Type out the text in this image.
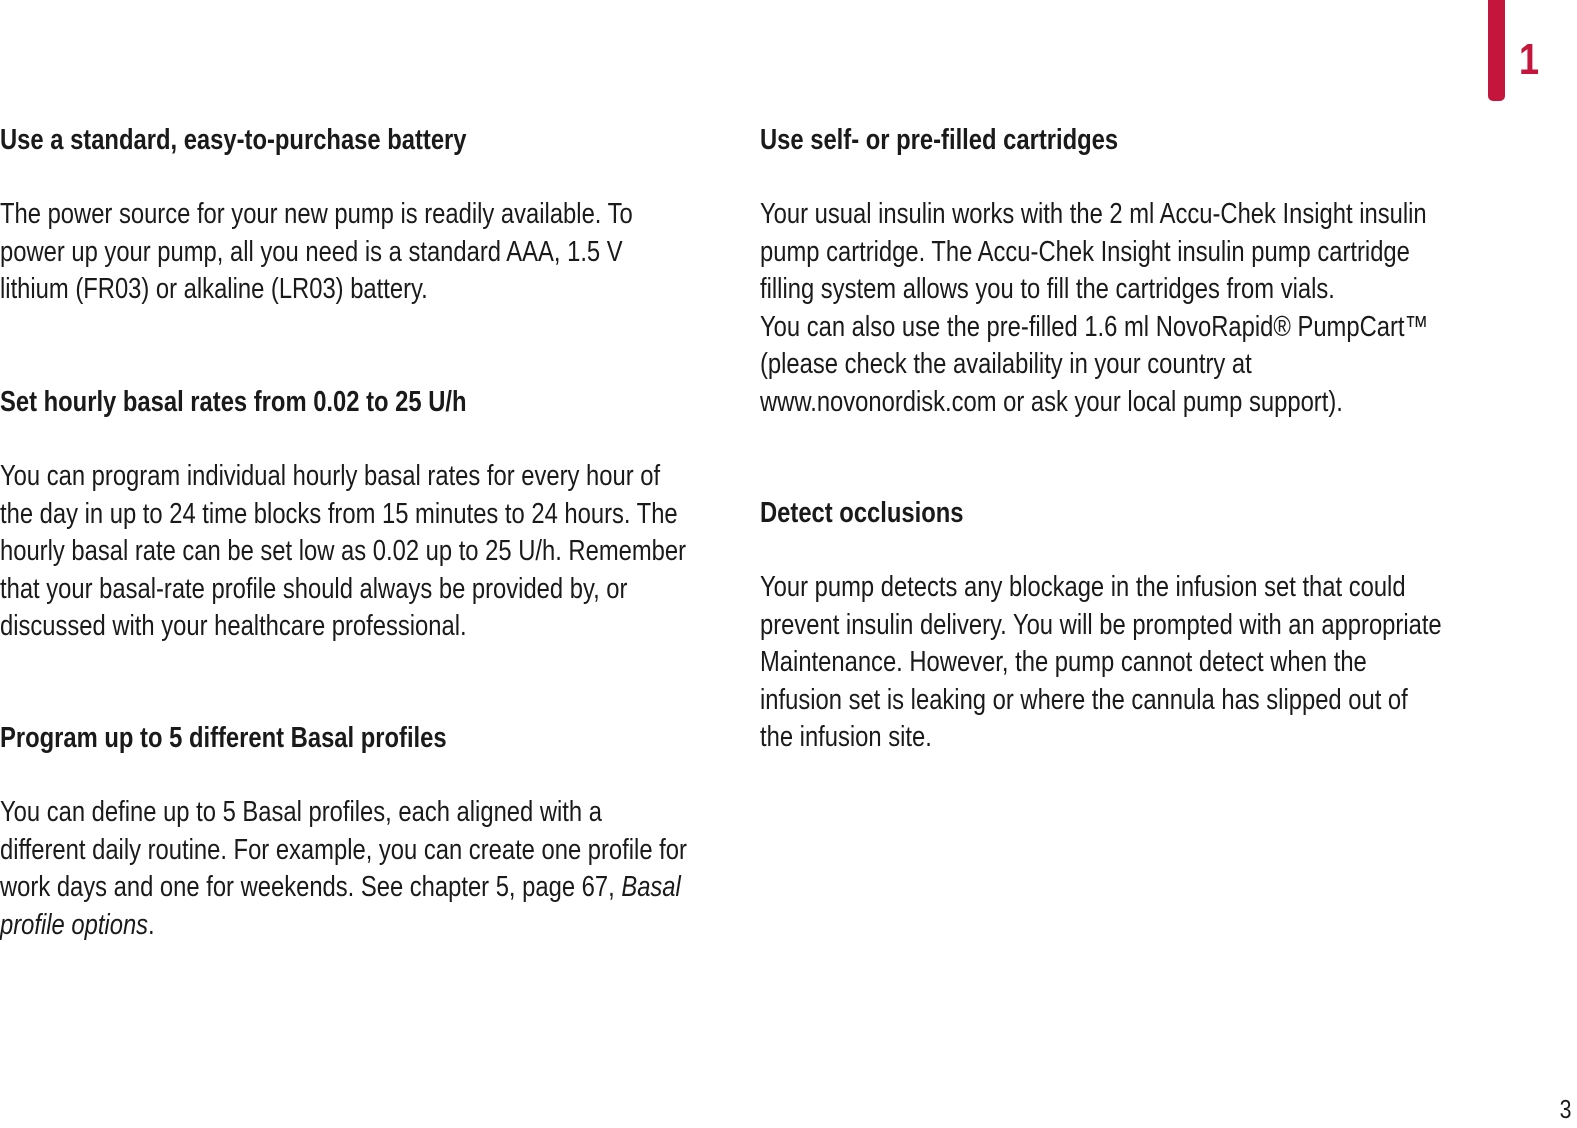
1
Use a standard, easy-to-purchase battery

The power source for your new pump is readily available. To
power up your pump, all you need is a standard AAA, 1.5 V
lithium (FR03) or alkaline (LR03) battery.

Set hourly basal rates from 0.02 to 25 U/h

You can program individual hourly basal rates for every hour of
the day in up to 24 time blocks from 15 minutes to 24 hours. The
hourly basal rate can be set low as 0.02 up to 25 U/h. Remember
that your basal-rate profile should always be provided by, or
discussed with your healthcare professional.

Program up to 5 different Basal profiles

You can define up to 5 Basal profiles, each aligned with a
different daily routine. For example, you can create one profile for
work days and one for weekends. See chapter 5, page 67, Basal
profile options.

Use self- or pre-filled cartridges

Your usual insulin works with the 2 ml Accu-Chek Insight insulin
pump cartridge. The Accu-Chek Insight insulin pump cartridge
filling system allows you to fill the cartridges from vials.
You can also use the pre-filled 1.6 ml NovoRapid® PumpCart™
(please check the availability in your country at
www.novonordisk.com or ask your local pump support).

Detect occlusions

Your pump detects any blockage in the infusion set that could
prevent insulin delivery. You will be prompted with an appropriate
Maintenance. However, the pump cannot detect when the
infusion set is leaking or where the cannula has slipped out of
the infusion site.

3
